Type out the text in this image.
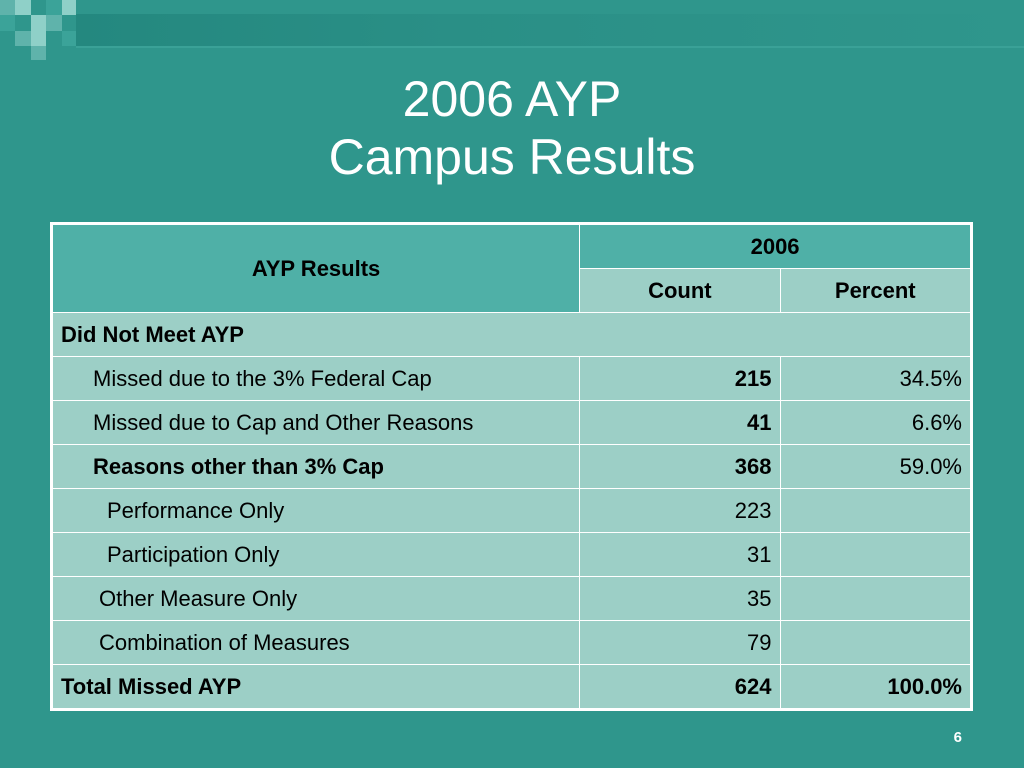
2006 AYP
Campus Results
AYP Results	2006	
	Count	Percent
Did Not Meet AYP		
Missed due to the 3% Federal Cap	215	34.5%
Missed due to Cap and Other Reasons	41	6.6%
Reasons other than 3% Cap	368	59.0%
Performance Only	223	
Participation Only	31	
Other Measure Only	35	
Combination of Measures	79	
Total Missed AYP	624	100.0%
6
